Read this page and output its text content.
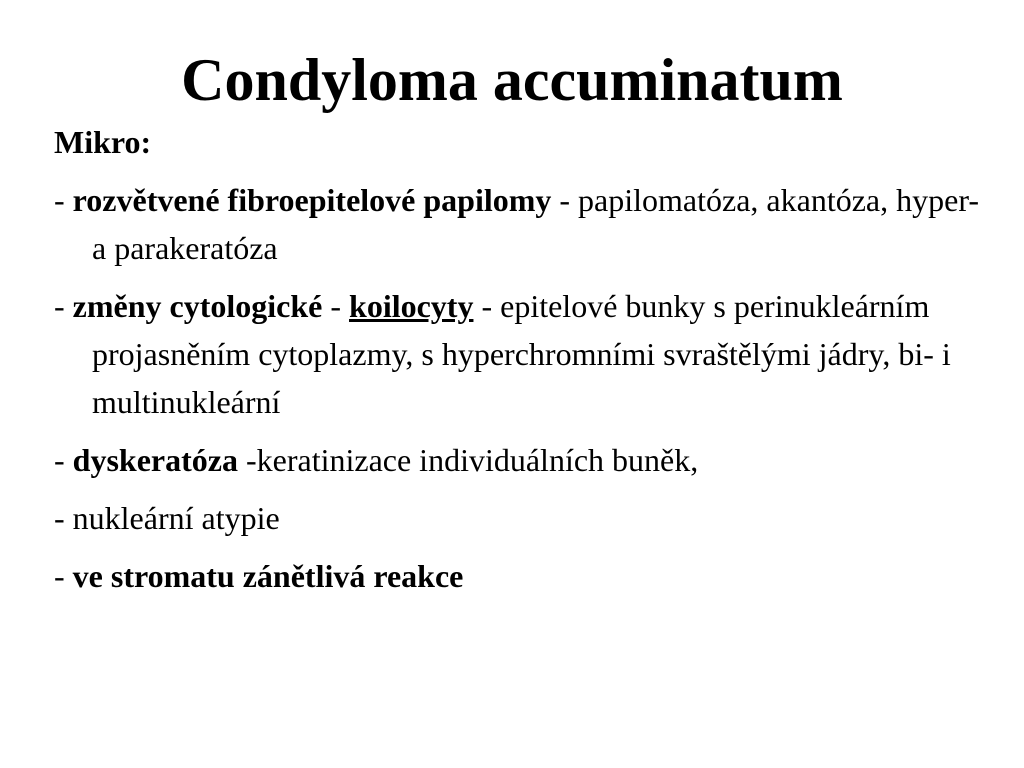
Condyloma accuminatum
Mikro:
- rozvětvené fibroepitelové papilomy - papilomatóza, akantóza, hyper- a parakeratóza
- změny cytologické - koilocyty - epitelové bunky s perinukleárním projasněním cytoplazmy, s hyperchromními svraštělými jádry, bi- i multinukleární
- dyskeratóza -keratinizace individuálních buněk,
- nukleární atypie
- ve stromatu zánětlivá reakce
